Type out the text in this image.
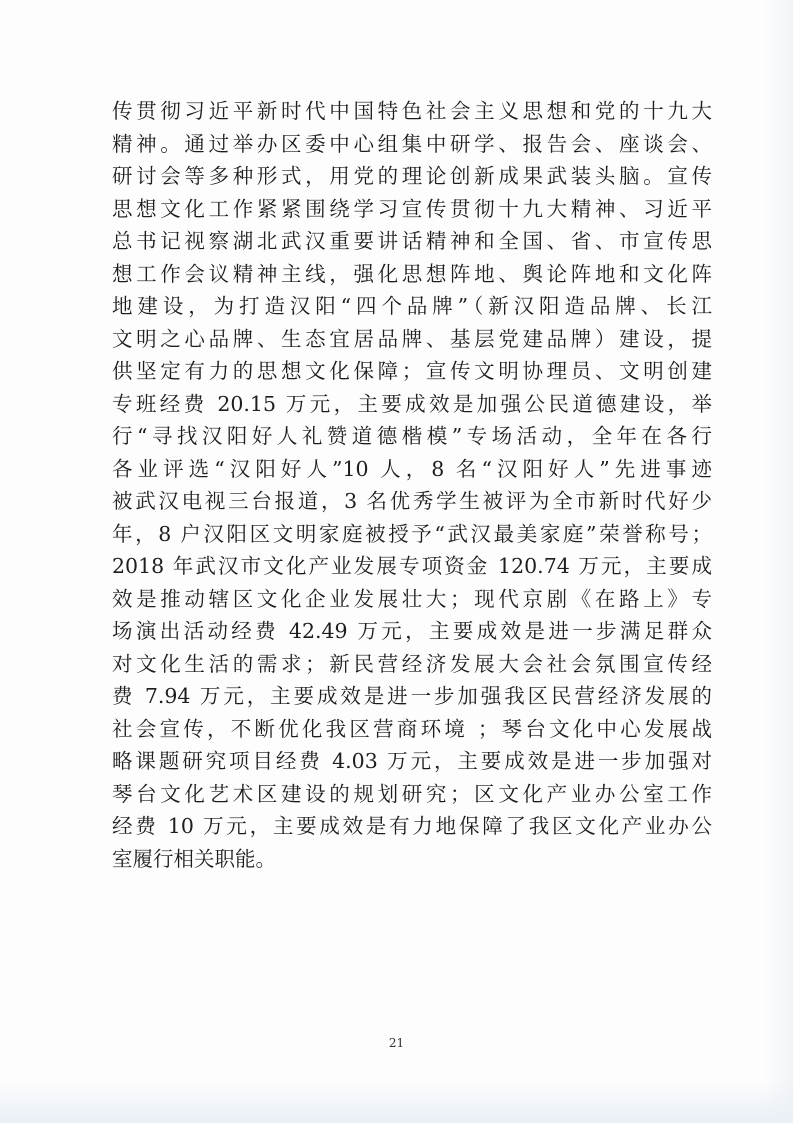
传贯彻习近平新时代中国特色社会主义思想和党的十九大
精神。通过举办区委中心组集中研学、报告会、座谈会、
研讨会等多种形式，用党的理论创新成果武装头脑。宣传
思想文化工作紧紧围绕学习宣传贯彻十九大精神、习近平
总书记视察湖北武汉重要讲话精神和全国、省、市宣传思
想工作会议精神主线，强化思想阵地、舆论阵地和文化阵
地建设，为打造汉阳“四个品牌”（新汉阳造品牌、长江
文明之心品牌、生态宜居品牌、基层党建品牌）建设，提
供坚定有力的思想文化保障；宣传文明协理员、文明创建
专班经费 20.15 万元，主要成效是加强公民道德建设，举
行“寻找汉阳好人礼赞道德楷模”专场活动，全年在各行
各业评选“汉阳好人”10 人，8 名“汉阳好人”先进事迹
被武汉电视三台报道，3 名优秀学生被评为全市新时代好少
年，8 户汉阳区文明家庭被授予“武汉最美家庭”荣誉称号；
2018 年武汉市文化产业发展专项资金 120.74 万元，主要成
效是推动辖区文化企业发展壮大；现代京剧《在路上》专
场演出活动经费 42.49 万元，主要成效是进一步满足群众
对文化生活的需求；新民营经济发展大会社会氛围宣传经
费 7.94 万元，主要成效是进一步加强我区民营经济发展的
社会宣传，不断优化我区营商环境 ；琴台文化中心发展战
略课题研究项目经费 4.03 万元，主要成效是进一步加强对
琴台文化艺术区建设的规划研究；区文化产业办公室工作
经费 10 万元，主要成效是有力地保障了我区文化产业办公
室履行相关职能。
21
